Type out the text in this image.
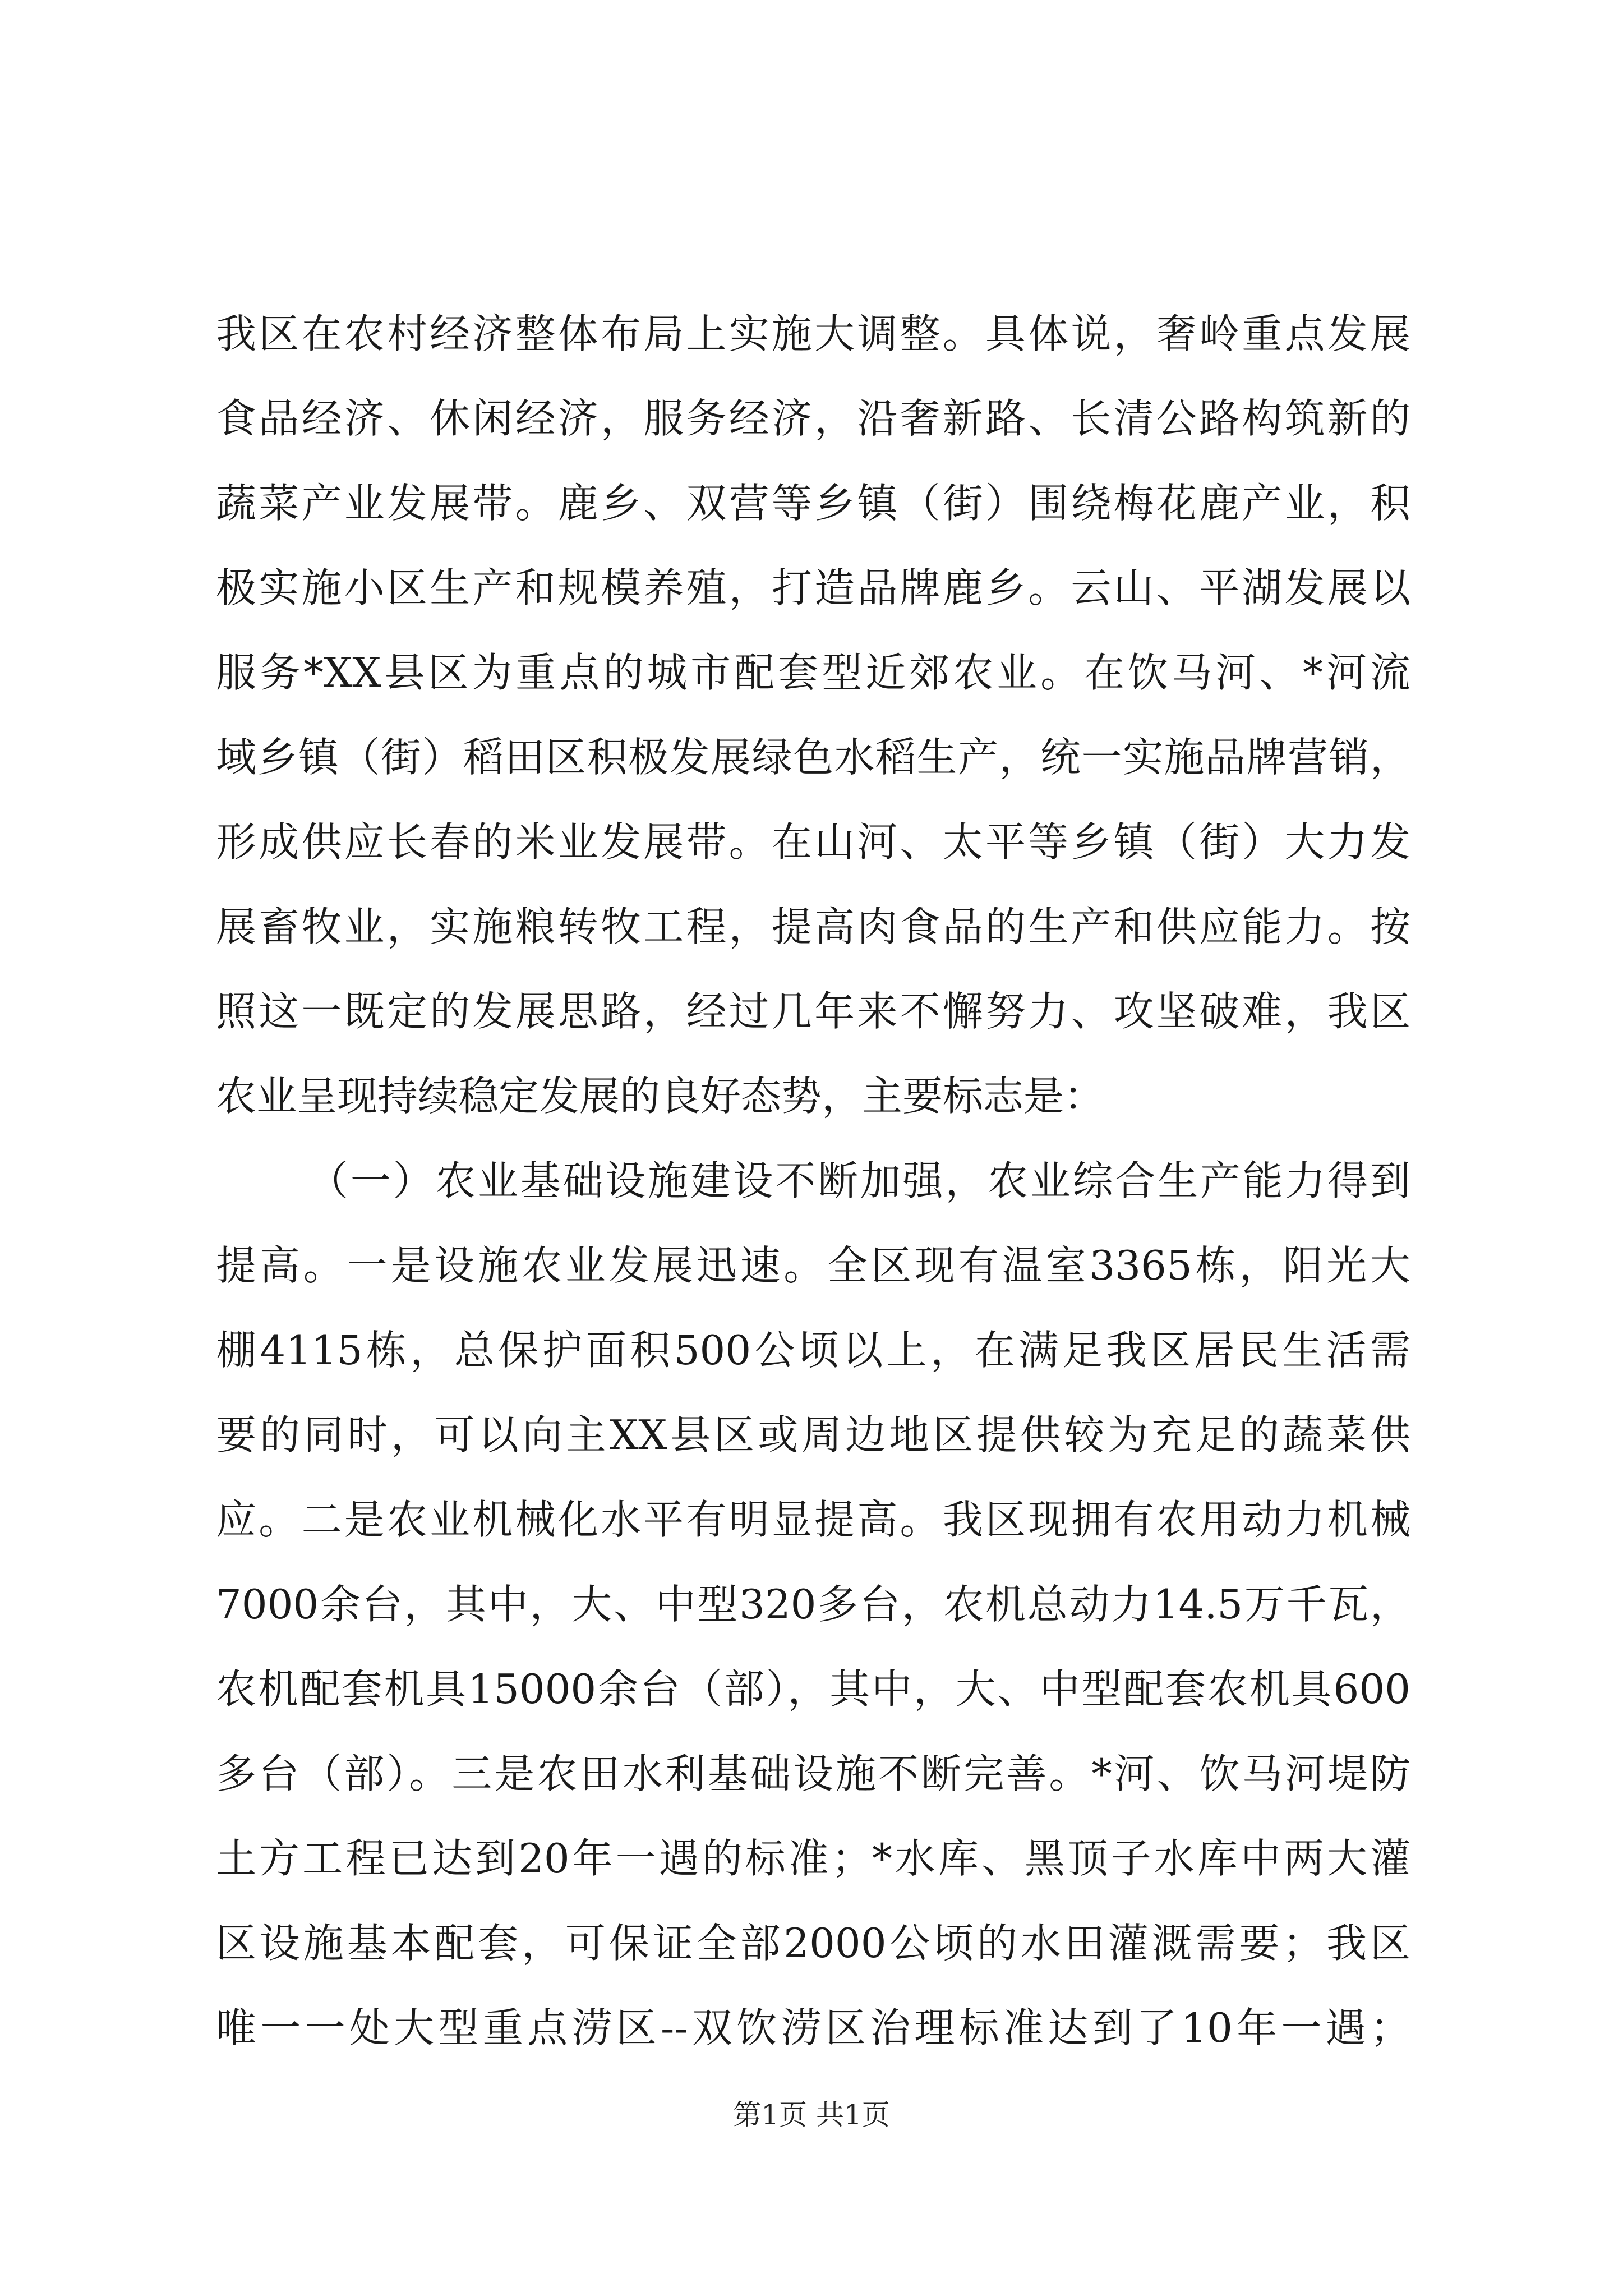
我区在农村经济整体布局上实施大调整。具体说，奢岭重点发展
食品经济、休闲经济，服务经济，沿奢新路、长清公路构筑新的
蔬菜产业发展带。鹿乡、双营等乡镇（街）围绕梅花鹿产业，积
极实施小区生产和规模养殖，打造品牌鹿乡。云山、平湖发展以
服务*XX县区为重点的城市配套型近郊农业。在饮马河、*河流
域乡镇（街）稻田区积极发展绿色水稻生产，统一实施品牌营销，
形成供应长春的米业发展带。在山河、太平等乡镇（街）大力发
展畜牧业，实施粮转牧工程，提高肉食品的生产和供应能力。按
照这一既定的发展思路，经过几年来不懈努力、攻坚破难，我区
农业呈现持续稳定发展的良好态势，主要标志是：
（一）农业基础设施建设不断加强，农业综合生产能力得到
提高。一是设施农业发展迅速。全区现有温室3365栋，阳光大
棚4115栋，总保护面积500公顷以上，在满足我区居民生活需
要的同时，可以向主XX县区或周边地区提供较为充足的蔬菜供
应。二是农业机械化水平有明显提高。我区现拥有农用动力机械
7000余台，其中，大、中型320多台，农机总动力14.5万千瓦，
农机配套机具15000余台（部），其中，大、中型配套农机具600
多台（部）。三是农田水利基础设施不断完善。*河、饮马河堤防
土方工程已达到20年一遇的标准；*水库、黑顶子水库中两大灌
区设施基本配套，可保证全部2000公顷的水田灌溉需要；我区
唯一一处大型重点涝区--双饮涝区治理标准达到了10年一遇；
第1页 共1页
